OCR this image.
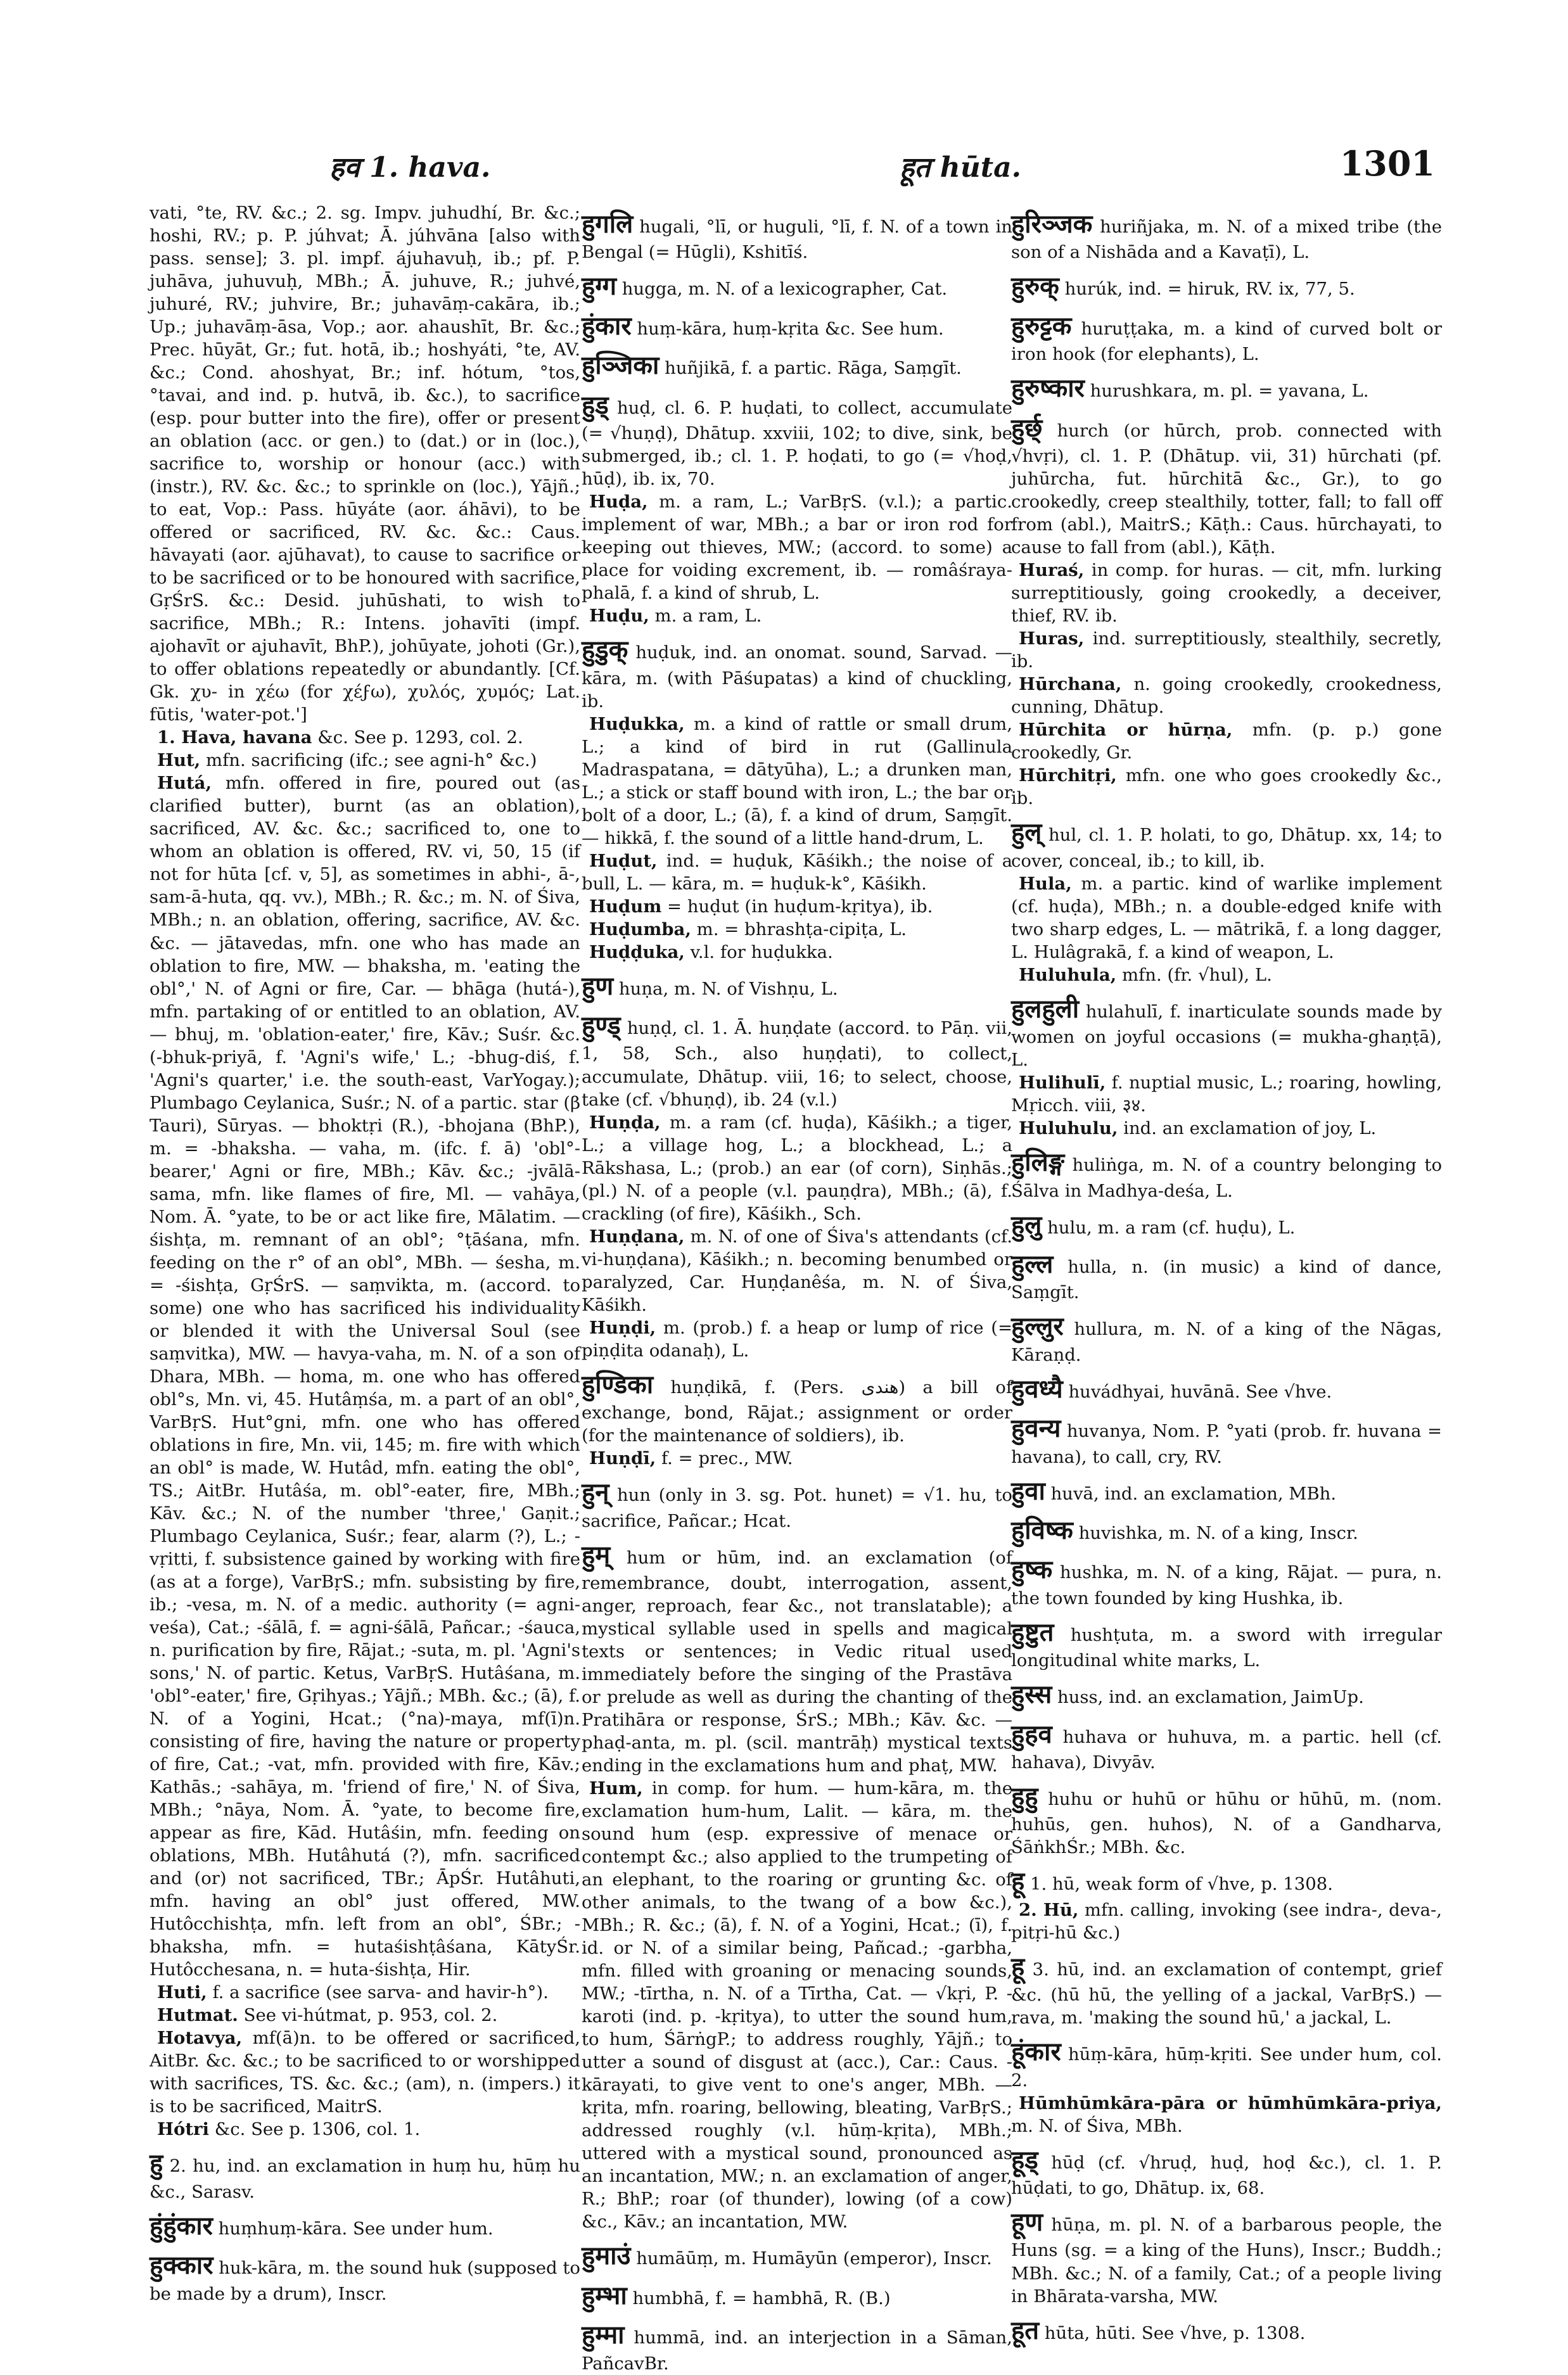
हव 1. hava.	हूत hūta.	1301

vati, °te, RV. &c.; 2. sg. Impv. juhudhí, Br. &c.; hoshi, RV.; p. P. júhvat; Ā. júhvāna [also with pass. sense]; 3. pl. impf. ájuhavuḥ, ib.; pf. P. juhāva, juhuvuḥ, MBh.; Ā. juhuve, R.; juhvé, juhuré, RV.; juhvire, Br.; juhavāṃ-cakāra, ib.; Up.; juhavāṃ-āsa, Vop.; aor. ahaushīt, Br. &c.; Prec. hūyāt, Gr.; fut. hotā, ib.; hoshyáti, °te, AV. &c.; Cond. ahoshyat, Br.; inf. hótum, °tos, °tavai, and ind. p. hutvā, ib. &c.), to sacrifice (esp. pour butter into the fire), offer or present an oblation (acc. or gen.) to (dat.) or in (loc.), sacrifice to, worship or honour (acc.) with (instr.), RV. &c. &c.; to sprinkle on (loc.), Yājñ.; to eat, Vop.: Pass. hūyáte (aor. áhāvi), to be offered or sacrificed, RV. &c. &c.: Caus. hāvayati (aor. ajūhavat), to cause to sacrifice or to be sacrificed or to be honoured with sacrifice, GṛŚrS. &c.: Desid. juhūshati, to wish to sacrifice, MBh.; R.: Intens. johavīti (impf. ajohavīt or ajuhavīt, BhP.), johūyate, johoti (Gr.), to offer oblations repeatedly or abundantly. [Cf. Gk. χυ- in χέω (for χέϝω), χυλός, χυμός; Lat. fūtis, 'water-pot.']

1. Hava, havana &c. See p. 1293, col. 2.

Hut, mfn. sacrificing (ifc.; see agni-h° &c.)

Hutá, mfn. offered in fire, poured out (as clarified butter), burnt (as an oblation), sacrificed, AV. &c. &c.; sacrificed to, one to whom an oblation is offered, RV. vi, 50, 15 (if not for hūta [cf. v, 5], as sometimes in abhi-, ā-, sam-ā-huta, qq. vv.), MBh.; R. &c.; m. N. of Śiva, MBh.; n. an oblation, offering, sacrifice, AV. &c. &c. — jātavedas, mfn. one who has made an oblation to fire, MW. — bhaksha, m. 'eating the obl°,' N. of Agni or fire, Car. — bhāga (hutá-), mfn. partaking of or entitled to an oblation, AV. — bhuj, m. 'oblation-eater,' fire, Kāv.; Suśr. &c. (-bhuk-priyā, f. 'Agni's wife,' L.; -bhug-diś, f. 'Agni's quarter,' i.e. the south-east, VarYogay.); Plumbago Ceylanica, Suśr.; N. of a partic. star (β Tauri), Sūryas. — bhoktṛi (R.), -bhojana (BhP.), m. = -bhaksha. — vaha, m. (ifc. f. ā) 'obl°-bearer,' Agni or fire, MBh.; Kāv. &c.; -jvālā-sama, mfn. like flames of fire, Ml. — vahāya, Nom. Ā. °yate, to be or act like fire, Mālatim. — śishṭa, m. remnant of an obl°; °ṭāśana, mfn. feeding on the r° of an obl°, MBh. — śesha, m. = -śishṭa, GṛŚrS. — saṃvikta, m. (accord. to some) one who has sacrificed his individuality or blended it with the Universal Soul (see saṃvitka), MW. — havya-vaha, m. N. of a son of Dhara, MBh. — homa, m. one who has offered obl°s, Mn. vi, 45. Hutâṃśa, m. a part of an obl°, VarBṛS. Hut°gni, mfn. one who has offered oblations in fire, Mn. vii, 145; m. fire with which an obl° is made, W. Hutâd, mfn. eating the obl°, TS.; AitBr. Hutâśa, m. obl°-eater, fire, MBh.; Kāv. &c.; N. of the number 'three,' Gaṇit.; Plumbago Ceylanica, Suśr.; fear, alarm (?), L.; -vṛitti, f. subsistence gained by working with fire (as at a forge), VarBṛS.; mfn. subsisting by fire, ib.; -vesa, m. N. of a medic. authority (= agni-veśa), Cat.; -śālā, f. = agni-śālā, Pañcar.; -śauca, n. purification by fire, Rājat.; -suta, m. pl. 'Agni's sons,' N. of partic. Ketus, VarBṛS. Hutâśana, m. 'obl°-eater,' fire, Gṛihyas.; Yājñ.; MBh. &c.; (ā), f. N. of a Yogini, Hcat.; (°na)-maya, mf(ī)n. consisting of fire, having the nature or property of fire, Cat.; -vat, mfn. provided with fire, Kāv.; Kathās.; -sahāya, m. 'friend of fire,' N. of Śiva, MBh.; °nāya, Nom. Ā. °yate, to become fire, appear as fire, Kād. Hutâśin, mfn. feeding on oblations, MBh. Hutâhutá (?), mfn. sacrificed and (or) not sacrificed, TBr.; ĀpŚr. Hutâhuti, mfn. having an obl° just offered, MW. Hutôcchishṭa, mfn. left from an obl°, ŚBr.; -bhaksha, mfn. = hutaśishṭâśana, KātyŚr. Hutôcchesana, n. = huta-śishṭa, Hir.

Huti, f. a sacrifice (see sarva- and havir-h°).

Hutmat. See vi-hútmat, p. 953, col. 2.

Hotavya, mf(ā)n. to be offered or sacrificed, AitBr. &c. &c.; to be sacrificed to or worshipped with sacrifices, TS. &c. &c.; (am), n. (impers.) it is to be sacrificed, MaitrS.

Hótri &c. See p. 1306, col. 1.

हु 2. hu, ind. an exclamation in huṃ hu, hūṃ hu &c., Sarasv.

हुंहुंकार huṃhuṃ-kāra. See under hum.

हुक्कार huk-kāra, m. the sound huk (supposed to be made by a drum), Inscr.

हुगलि hugali, °lī, or huguli, °lī, f. N. of a town in Bengal (= Hūgli), Kshitīś.

हुग्ग hugga, m. N. of a lexicographer, Cat.

हुंकार huṃ-kāra, huṃ-kṛita &c. See hum.

हुञ्जिका huñjikā, f. a partic. Rāga, Saṃgīt.

हुड् huḍ, cl. 6. P. huḍati, to collect, accumulate (= √huṇḍ), Dhātup. xxviii, 102; to dive, sink, be submerged, ib.; cl. 1. P. hoḍati, to go (= √hoḍ, hūḍ), ib. ix, 70.

Huḍa, m. a ram, L.; VarBṛS. (v.l.); a partic. implement of war, MBh.; a bar or iron rod for keeping out thieves, MW.; (accord. to some) a place for voiding excrement, ib. — româśraya-phalā, f. a kind of shrub, L.

Huḍu, m. a ram, L.

हुडुक् huḍuk, ind. an onomat. sound, Sarvad. — kāra, m. (with Pāśupatas) a kind of chuckling, ib.

Huḍukka, m. a kind of rattle or small drum, L.; a kind of bird in rut (Gallinula Madraspatana, = dātyūha), L.; a drunken man, L.; a stick or staff bound with iron, L.; the bar or bolt of a door, L.; (ā), f. a kind of drum, Saṃgīt. — hikkā, f. the sound of a little hand-drum, L.

Huḍut, ind. = huḍuk, Kāśikh.; the noise of a bull, L. — kāra, m. = huḍuk-k°, Kāśikh.

Huḍum = huḍut (in huḍum-kṛitya), ib.

Huḍumba, m. = bhrashṭa-cipiṭa, L.

Huḍḍuka, v.l. for huḍukka.

हुण huṇa, m. N. of Vishṇu, L.

हुण्ड् huṇḍ, cl. 1. Ā. huṇḍate (accord. to Pāṇ. vii, 1, 58, Sch., also huṇḍati), to collect, accumulate, Dhātup. viii, 16; to select, choose, take (cf. √bhuṇḍ), ib. 24 (v.l.)

Huṇḍa, m. a ram (cf. huḍa), Kāśikh.; a tiger, L.; a village hog, L.; a blockhead, L.; a Rākshasa, L.; (prob.) an ear (of corn), Siṇhās.; (pl.) N. of a people (v.l. pauṇḍra), MBh.; (ā), f. crackling (of fire), Kāśikh., Sch.

Huṇḍana, m. N. of one of Śiva's attendants (cf. vi-huṇḍana), Kāśikh.; n. becoming benumbed or paralyzed, Car. Huṇḍanêśa, m. N. of Śiva, Kāśikh.

Huṇḍi, m. (prob.) f. a heap or lump of rice (= piṇḍita odanaḥ), L.

हुण्डिका huṇḍikā, f. (Pers. هندی) a bill of exchange, bond, Rājat.; assignment or order (for the maintenance of soldiers), ib.

Huṇḍī, f. = prec., MW.

हुन् hun (only in 3. sg. Pot. hunet) = √1. hu, to sacrifice, Pañcar.; Hcat.

हुम् hum or hūm, ind. an exclamation (of remembrance, doubt, interrogation, assent, anger, reproach, fear &c., not translatable); a mystical syllable used in spells and magical texts or sentences; in Vedic ritual used immediately before the singing of the Prastāva or prelude as well as during the chanting of the Pratihāra or response, ŚrS.; MBh.; Kāv. &c. — phaḍ-anta, m. pl. (scil. mantrāḥ) mystical texts ending in the exclamations hum and phaṭ, MW.

Hum, in comp. for hum. — hum-kāra, m. the exclamation hum-hum, Lalit. — kāra, m. the sound hum (esp. expressive of menace or contempt &c.; also applied to the trumpeting of an elephant, to the roaring or grunting &c. of other animals, to the twang of a bow &c.), MBh.; R. &c.; (ā), f. N. of a Yogini, Hcat.; (ī), f. id. or N. of a similar being, Pañcad.; -garbha, mfn. filled with groaning or menacing sounds, MW.; -tīrtha, n. N. of a Tīrtha, Cat. — √kṛi, P. -karoti (ind. p. -kṛitya), to utter the sound hum, to hum, ŚārṅgP.; to address roughly, Yājñ.; to utter a sound of disgust at (acc.), Car.: Caus. -kārayati, to give vent to one's anger, MBh. — kṛita, mfn. roaring, bellowing, bleating, VarBṛS.; addressed roughly (v.l. hūṃ-kṛita), MBh.; uttered with a mystical sound, pronounced as an incantation, MW.; n. an exclamation of anger, R.; BhP.; roar (of thunder), lowing (of a cow) &c., Kāv.; an incantation, MW.

हुमाउं humāūṃ, m. Humāyūn (emperor), Inscr.

हुम्भा humbhā, f. = hambhā, R. (B.)

हुम्मा hummā, ind. an interjection in a Sāman, PañcavBr.

हुरिञ्जक huriñjaka, m. N. of a mixed tribe (the son of a Nishāda and a Kavaṭī), L.

हुरुक् hurúk, ind. = hiruk, RV. ix, 77, 5.

हुरुट्टक huruṭṭaka, m. a kind of curved bolt or iron hook (for elephants), L.

हुरुष्कार hurushkara, m. pl. = yavana, L.

हुर्छ् hurch (or hūrch, prob. connected with √hvṛi), cl. 1. P. (Dhātup. vii, 31) hūrchati (pf. juhūrcha, fut. hūrchitā &c., Gr.), to go crookedly, creep stealthily, totter, fall; to fall off from (abl.), MaitrS.; Kāṭh.: Caus. hūrchayati, to cause to fall from (abl.), Kāṭh.

Huraś, in comp. for huras. — cit, mfn. lurking surreptitiously, going crookedly, a deceiver, thief, RV. ib.

Huras, ind. surreptitiously, stealthily, secretly, ib.

Hūrchana, n. going crookedly, crookedness, cunning, Dhātup.

Hūrchita or hūrṇa, mfn. (p. p.) gone crookedly, Gr.

Hūrchitṛi, mfn. one who goes crookedly &c., ib.

हुल् hul, cl. 1. P. holati, to go, Dhātup. xx, 14; to cover, conceal, ib.; to kill, ib.

Hula, m. a partic. kind of warlike implement (cf. huḍa), MBh.; n. a double-edged knife with two sharp edges, L. — mātrikā, f. a long dagger, L. Hulâgrakā, f. a kind of weapon, L.

Huluhula, mfn. (fr. √hul), L.

हुलहुली hulahulī, f. inarticulate sounds made by women on joyful occasions (= mukha-ghaṇṭā), L.

Hulihulī, f. nuptial music, L.; roaring, howling, Mṛicch. viii, ३४.

Huluhulu, ind. an exclamation of joy, L.

हुलिङ्ग huliṅga, m. N. of a country belonging to Śālva in Madhya-deśa, L.

हुलु hulu, m. a ram (cf. huḍu), L.

हुल्ल hulla, n. (in music) a kind of dance, Saṃgīt.

हुल्लुर hullura, m. N. of a king of the Nāgas, Kāraṇḍ.

हुवध्यै huvádhyai, huvānā. See √hve.

हुवन्य huvanya, Nom. P. °yati (prob. fr. huvana = havana), to call, cry, RV.

हुवा huvā, ind. an exclamation, MBh.

हुविष्क huvishka, m. N. of a king, Inscr.

हुष्क hushka, m. N. of a king, Rājat. — pura, n. the town founded by king Hushka, ib.

हुष्टुत hushṭuta, m. a sword with irregular longitudinal white marks, L.

हुस्स huss, ind. an exclamation, JaimUp.

हुहव huhava or huhuva, m. a partic. hell (cf. hahava), Divyāv.

हुहु huhu or huhū or hūhu or hūhū, m. (nom. huhūs, gen. huhos), N. of a Gandharva, ŚāṅkhŚr.; MBh. &c.

हू 1. hū, weak form of √hve, p. 1308.

2. Hū, mfn. calling, invoking (see indra-, deva-, pitṛi-hū &c.)

हू 3. hū, ind. an exclamation of contempt, grief &c. (hū hū, the yelling of a jackal, VarBṛS.) — rava, m. 'making the sound hū,' a jackal, L.

हूंकार hūṃ-kāra, hūṃ-kṛiti. See under hum, col. 2.

Hūmhūmkāra-pāra or hūmhūmkāra-priya, m. N. of Śiva, MBh.

हूड् hūḍ (cf. √hruḍ, huḍ, hoḍ &c.), cl. 1. P. hūḍati, to go, Dhātup. ix, 68.

हूण hūṇa, m. pl. N. of a barbarous people, the Huns (sg. = a king of the Huns), Inscr.; Buddh.; MBh. &c.; N. of a family, Cat.; of a people living in Bhārata-varsha, MW.

हूत hūta, hūti. See √hve, p. 1308.
